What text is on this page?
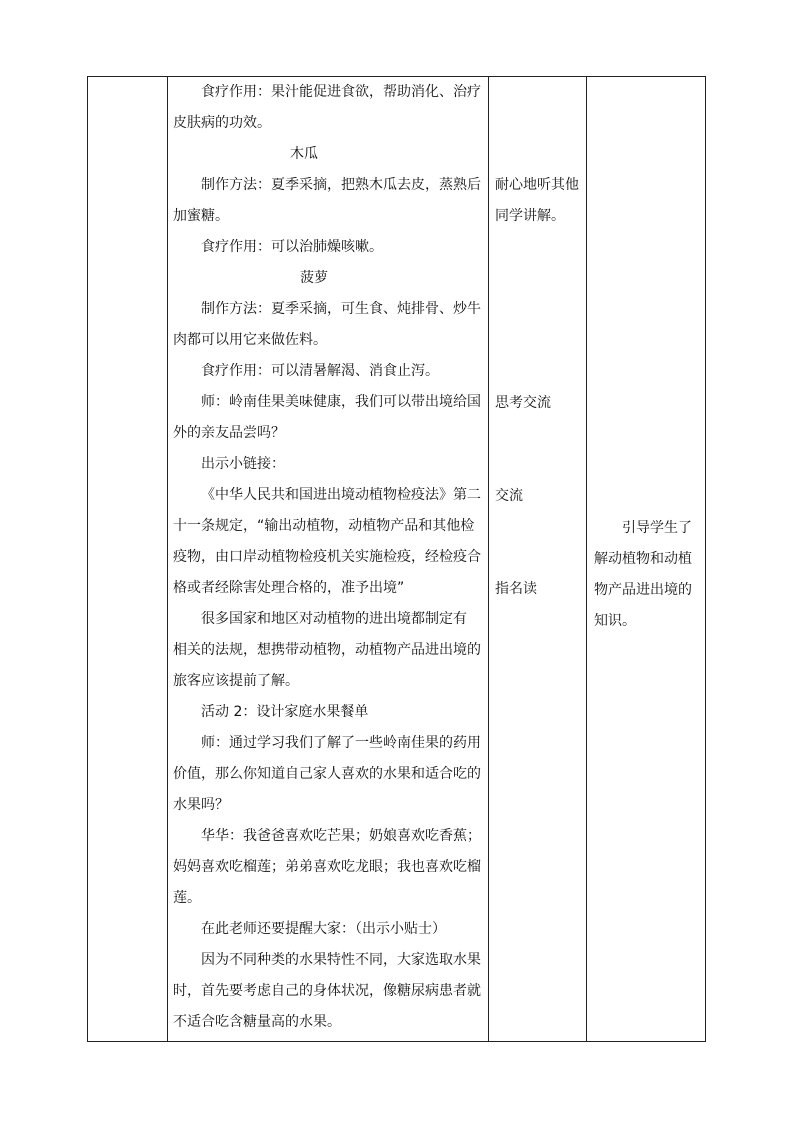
食疗作用：果汁能促进食欲，帮助消化、治疗

皮肤病的功效。

木瓜

制作方法：夏季采摘，把熟木瓜去皮，蒸熟后

加蜜糖。

食疗作用：可以治肺燥咳嗽。

菠萝

制作方法：夏季采摘，可生食、炖排骨、炒牛

肉都可以用它来做佐料。

食疗作用：可以清暑解渴、消食止泻。

师：岭南佳果美味健康，我们可以带出境给国

外的亲友品尝吗？

出示小链接：

《中华人民共和国进出境动植物检疫法》第二

十一条规定，“输出动植物，动植物产品和其他检

疫物，由口岸动植物检疫机关实施检疫，经检疫合

格或者经除害处理合格的，准予出境”

很多国家和地区对动植物的进出境都制定有

相关的法规，想携带动植物，动植物产品进出境的

旅客应该提前了解。

活动 2：设计家庭水果餐单

师：通过学习我们了解了一些岭南佳果的药用

价值，那么你知道自己家人喜欢的水果和适合吃的

水果吗？

华华：我爸爸喜欢吃芒果；奶娘喜欢吃香蕉；

妈妈喜欢吃榴莲；弟弟喜欢吃龙眼；我也喜欢吃榴

莲。

在此老师还要提醒大家：（出示小贴士）

因为不同种类的水果特性不同，大家选取水果

时，首先要考虑自己的身体状况，像糖尿病患者就

不适合吃含糖量高的水果。

耐心地听其他

同学讲解。

思考交流

交流

指名读

引导学生了

解动植物和动植

物产品进出境的

知识。
